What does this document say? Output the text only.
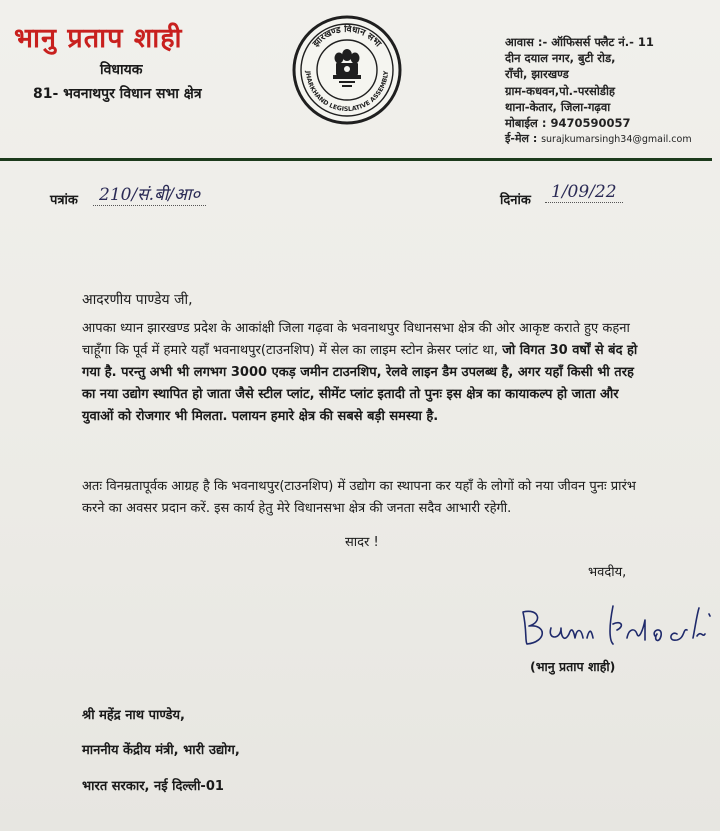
भानु प्रताप शाही
विधायक
81- भवनाथपुर विधान सभा क्षेत्र
झारखण्ड विधान सभा
JHARKHAND LEGISLATIVE ASSEMBLY
आवास :- ऑफिसर्स फ्लैट नं.- 11
दीन दयाल नगर, बुटी रोड,
राँची, झारखण्ड
ग्राम-कधवन,पो.-परसोडीह
थाना-केतार, जिला-गढ़वा
मोबाईल : 9470590057
ई-मेल : surajkumarsingh34@gmail.com
पत्रांक	210/सं.बी/आ०	दिनांक	1/09/22
आदरणीय पाण्डेय जी,

आपका ध्यान झारखण्ड प्रदेश के आकांक्षी जिला गढ़वा के भवनाथपुर विधानसभा क्षेत्र की ओर आकृष्ट कराते हुए कहना चाहूँगा कि पूर्व में हमारे यहाँ भवनाथपुर(टाउनशिप) में सेल का लाइम स्टोन क्रेसर प्लांट था, जो विगत 30 वर्षों से बंद हो गया है. परन्तु अभी भी लगभग 3000 एकड़ जमीन टाउनशिप, रेलवे लाइन डैम उपलब्ध है, अगर यहाँ किसी भी तरह का नया उद्योग स्थापित हो जाता जैसे स्टील प्लांट, सीमेंट प्लांट इतादी तो पुनः इस क्षेत्र का कायाकल्प हो जाता और युवाओं को रोजगार भी मिलता. पलायन हमारे क्षेत्र की सबसे बड़ी समस्या है.

अतः विनम्रतापूर्वक आग्रह है कि भवनाथपुर(टाउनशिप) में उद्योग का स्थापना कर यहाँ के लोगों को नया जीवन पुनः प्रारंभ करने का अवसर प्रदान करें. इस कार्य हेतु मेरे विधानसभा क्षेत्र की जनता सदैव आभारी रहेगी.

सादर !
भवदीय,
(भानु प्रताप शाही)
श्री महेंद्र नाथ पाण्डेय,
माननीय केंद्रीय मंत्री, भारी उद्योग,
भारत सरकार, नई दिल्ली-01
